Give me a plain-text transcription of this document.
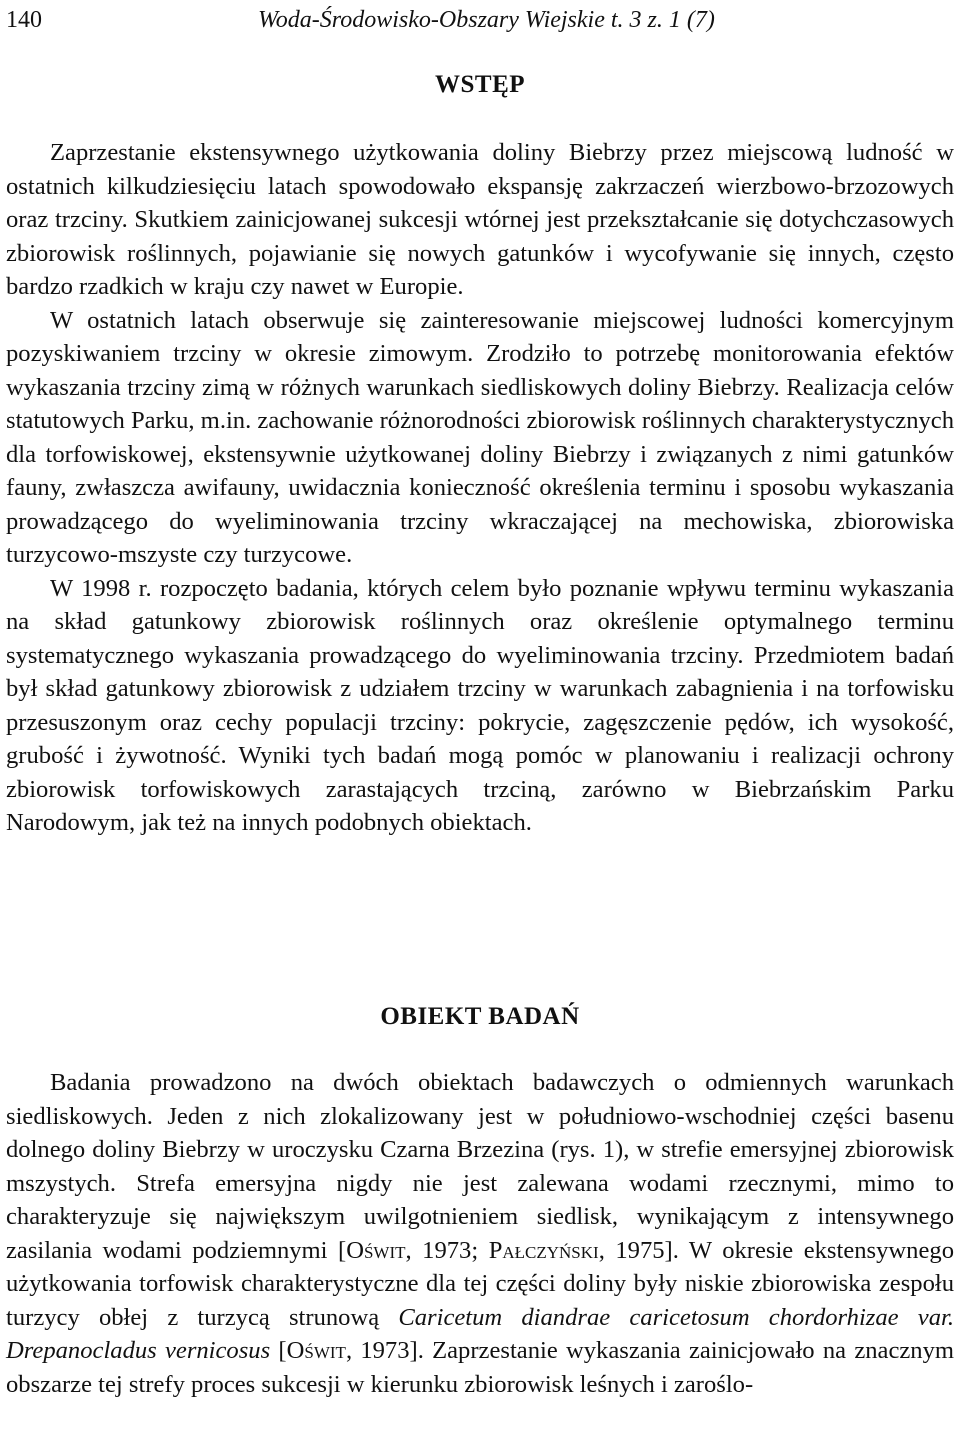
140	Woda-Środowisko-Obszary Wiejskie t. 3 z. 1 (7)
WSTĘP

Zaprzestanie ekstensywnego użytkowania doliny Biebrzy przez miejscową ludność w ostatnich kilkudziesięciu latach spowodowało ekspansję zakrzaczeń wierzbowo-brzozowych oraz trzciny. Skutkiem zainicjowanej sukcesji wtórnej jest przekształcanie się dotychczasowych zbiorowisk roślinnych, pojawianie się nowych gatunków i wycofywanie się innych, często bardzo rzadkich w kraju czy nawet w Europie.

W ostatnich latach obserwuje się zainteresowanie miejscowej ludności komercyjnym pozyskiwaniem trzciny w okresie zimowym. Zrodziło to potrzebę monitorowania efektów wykaszania trzciny zimą w różnych warunkach siedliskowych doliny Biebrzy. Realizacja celów statutowych Parku, m.in. zachowanie różnorodności zbiorowisk roślinnych charakterystycznych dla torfowiskowej, ekstensywnie użytkowanej doliny Biebrzy i związanych z nimi gatunków fauny, zwłaszcza awifauny, uwidacznia konieczność określenia terminu i sposobu wykaszania prowadzącego do wyeliminowania trzciny wkraczającej na mechowiska, zbiorowiska turzycowo-mszyste czy turzycowe.

W 1998 r. rozpoczęto badania, których celem było poznanie wpływu terminu wykaszania na skład gatunkowy zbiorowisk roślinnych oraz określenie optymalnego terminu systematycznego wykaszania prowadzącego do wyeliminowania trzciny. Przedmiotem badań był skład gatunkowy zbiorowisk z udziałem trzciny w warunkach zabagnienia i na torfowisku przesuszonym oraz cechy populacji trzciny: pokrycie, zagęszczenie pędów, ich wysokość, grubość i żywotność. Wyniki tych badań mogą pomóc w planowaniu i realizacji ochrony zbiorowisk torfowiskowych zarastających trzciną, zarówno w Biebrzańskim Parku Narodowym, jak też na innych podobnych obiektach.

OBIEKT BADAŃ

Badania prowadzono na dwóch obiektach badawczych o odmiennych warunkach siedliskowych. Jeden z nich zlokalizowany jest w południowo-wschodniej części basenu dolnego doliny Biebrzy w uroczysku Czarna Brzezina (rys. 1), w strefie emersyjnej zbiorowisk mszystych. Strefa emersyjna nigdy nie jest zalewana wodami rzecznymi, mimo to charakteryzuje się największym uwilgotnieniem siedlisk, wynikającym z intensywnego zasilania wodami podziemnymi [Oświt, 1973; Pałczyński, 1975]. W okresie ekstensywnego użytkowania torfowisk charakterystyczne dla tej części doliny były niskie zbiorowiska zespołu turzycy obłej z turzycą strunową Caricetum diandrae caricetosum chordorhizae var. Drepanocladus vernicosus [Oświt, 1973]. Zaprzestanie wykaszania zainicjowało na znacznym obszarze tej strefy proces sukcesji w kierunku zbiorowisk leśnych i zaroślo-
